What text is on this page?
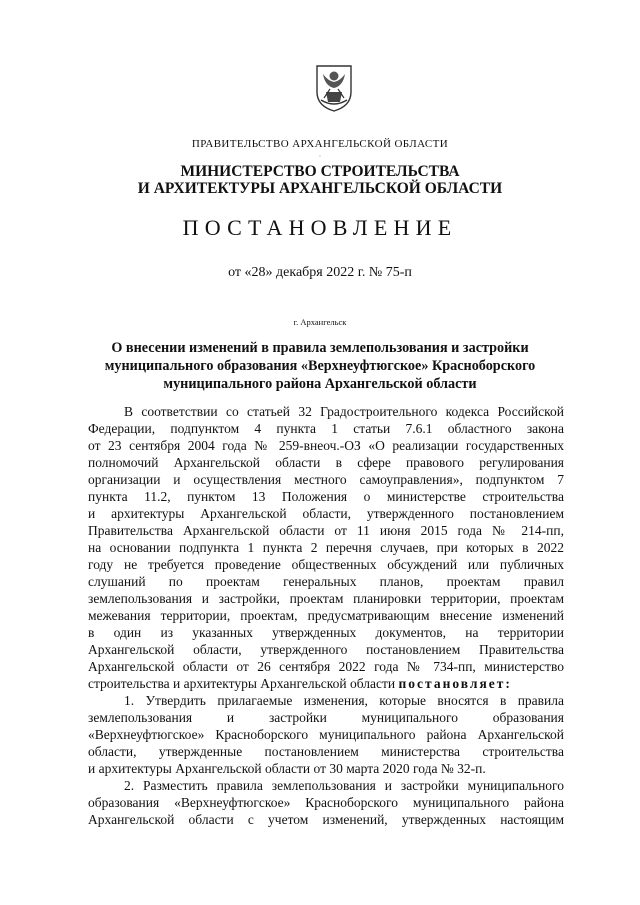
ПРАВИТЕЛЬСТВО АРХАНГЕЛЬСКОЙ ОБЛАСТИ
·
МИНИСТЕРСТВО СТРОИТЕЛЬСТВА
И АРХИТЕКТУРЫ АРХАНГЕЛЬСКОЙ ОБЛАСТИ
ПОСТАНОВЛЕНИЕ
от «28» декабря 2022 г. № 75-п
г. Архангельск
О внесении изменений в правила землепользования и застройки
муниципального образования «Верхнеуфтюгское» Красноборского
муниципального района Архангельской области
В соответствии со статьей 32 Градостроительного кодекса Российской
Федерации, подпунктом 4 пункта 1 статьи 7.6.1 областного закона
от 23 сентября 2004 года № 259-внеоч.-ОЗ «О реализации государственных
полномочий Архангельской области в сфере правового регулирования
организации и осуществления местного самоуправления», подпунктом 7
пункта 11.2, пунктом 13 Положения о министерстве строительства
и архитектуры Архангельской области, утвержденного постановлением
Правительства Архангельской области от 11 июня 2015 года № 214-пп,
на основании подпункта 1 пункта 2 перечня случаев, при которых в 2022
году не требуется проведение общественных обсуждений или публичных
слушаний по проектам генеральных планов, проектам правил
землепользования и застройки, проектам планировки территории, проектам
межевания территории, проектам, предусматривающим внесение изменений
в один из указанных утвержденных документов, на территории
Архангельской области, утвержденного постановлением Правительства
Архангельской области от 26 сентября 2022 года № 734-пп, министерство
строительства и архитектуры Архангельской области постановляет:
1. Утвердить прилагаемые изменения, которые вносятся в правила
землепользования и застройки муниципального образования
«Верхнеуфтюгское» Красноборского муниципального района Архангельской
области, утвержденные постановлением министерства строительства
и архитектуры Архангельской области от 30 марта 2020 года № 32-п.
2. Разместить правила землепользования и застройки муниципального
образования «Верхнеуфтюгское» Красноборского муниципального района
Архангельской области с учетом изменений, утвержденных настоящим
